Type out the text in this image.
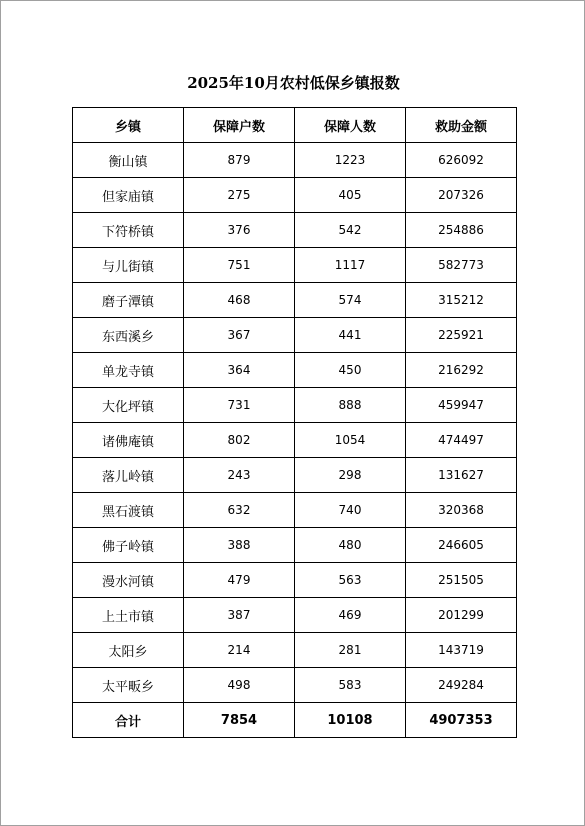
2025年10月农村低保乡镇报数
乡镇	保障户数	保障人数	救助金额
衡山镇	879	1223	626092
但家庙镇	275	405	207326
下符桥镇	376	542	254886
与儿街镇	751	1117	582773
磨子潭镇	468	574	315212
东西溪乡	367	441	225921
单龙寺镇	364	450	216292
大化坪镇	731	888	459947
诸佛庵镇	802	1054	474497
落儿岭镇	243	298	131627
黑石渡镇	632	740	320368
佛子岭镇	388	480	246605
漫水河镇	479	563	251505
上土市镇	387	469	201299
太阳乡	214	281	143719
太平畈乡	498	583	249284
合计	7854	10108	4907353
